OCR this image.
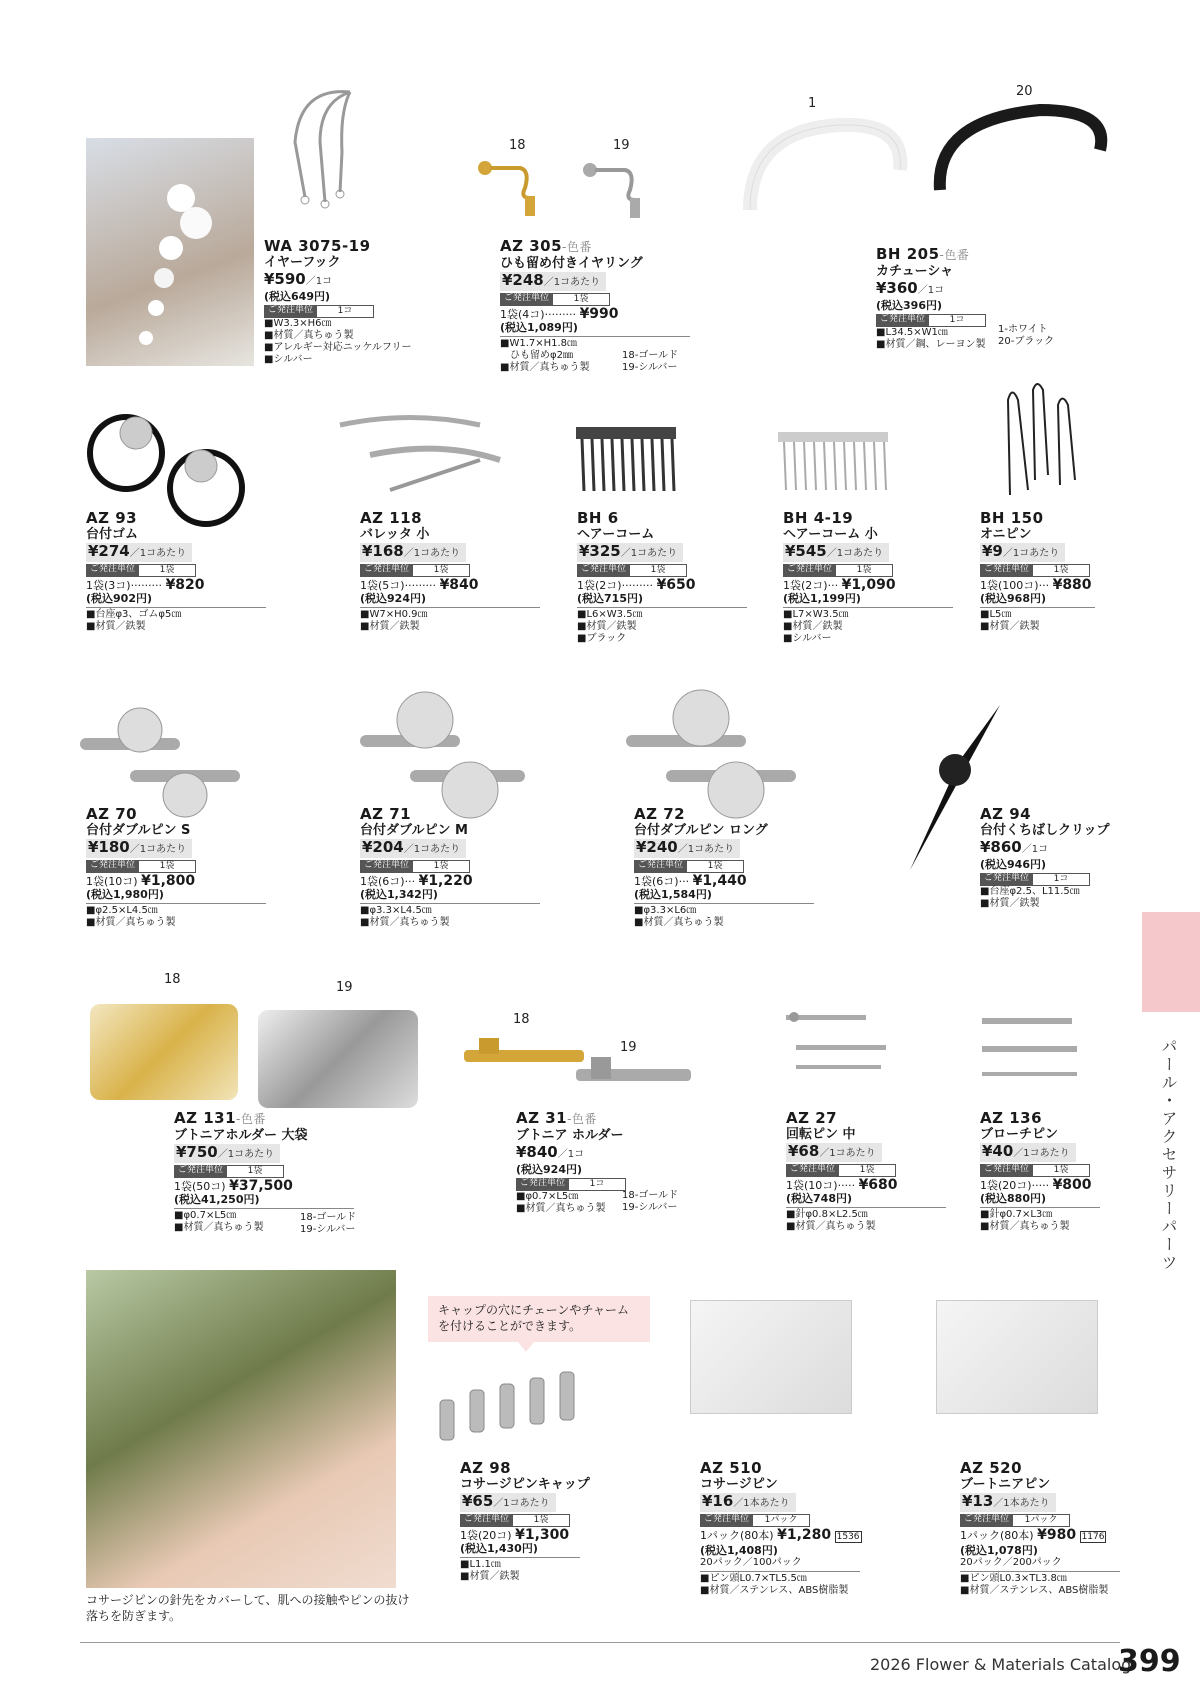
18	19
1
20
18
19
18
19
キャップの穴にチェーンやチャームを付けることができます。
コサージピンの針先をカバーして、肌への接触やピンの抜け落ちを防ぎます。
WA 3075-19
イヤーフック
¥590／1コ
(税込649円)
ご発注単位	1コ
■W3.3×H6㎝
■材質／真ちゅう製
■アレルギー対応ニッケルフリー
■シルバー
AZ 305-色番
ひも留め付きイヤリング
¥248／1コあたり
ご発注単位	1袋
1袋(4コ)········· ¥990
(税込1,089円)
■W1.7×H1.8㎝
　ひも留めφ2㎜
■材質／真ちゅう製
18-ゴールド
19-シルバー
BH 205-色番
カチューシャ
¥360／1コ
(税込396円)
ご発注単位	1コ
■L34.5×W1㎝
■材質／鋼、レーヨン製
1-ホワイト
20-ブラック
AZ 93
台付ゴム
¥274／1コあたり
ご発注単位	1袋
1袋(3コ)········· ¥820
(税込902円)
■台座φ3、ゴムφ5㎝
■材質／鉄製
AZ 118
バレッタ 小
¥168／1コあたり
ご発注単位	1袋
1袋(5コ)········· ¥840
(税込924円)
■W7×H0.9㎝
■材質／鉄製
BH 6
ヘアーコーム
¥325／1コあたり
ご発注単位	1袋
1袋(2コ)········· ¥650
(税込715円)
■L6×W3.5㎝
■材質／鉄製
■ブラック
BH 4-19
ヘアーコーム 小
¥545／1コあたり
ご発注単位	1袋
1袋(2コ)··· ¥1,090
(税込1,199円)
■L7×W3.5㎝
■材質／鉄製
■シルバー
BH 150
オニピン
¥9／1コあたり
ご発注単位	1袋
1袋(100コ)··· ¥880
(税込968円)
■L5㎝
■材質／鉄製
AZ 70
台付ダブルピン S
¥180／1コあたり
ご発注単位	1袋
1袋(10コ) ¥1,800
(税込1,980円)
■φ2.5×L4.5㎝
■材質／真ちゅう製
AZ 71
台付ダブルピン M
¥204／1コあたり
ご発注単位	1袋
1袋(6コ)··· ¥1,220
(税込1,342円)
■φ3.3×L4.5㎝
■材質／真ちゅう製
AZ 72
台付ダブルピン ロング
¥240／1コあたり
ご発注単位	1袋
1袋(6コ)··· ¥1,440
(税込1,584円)
■φ3.3×L6㎝
■材質／真ちゅう製
AZ 94
台付くちばしクリップ
¥860／1コ
(税込946円)
ご発注単位	1コ
■台座φ2.5、L11.5㎝
■材質／鉄製
AZ 131-色番
ブトニアホルダー 大袋
¥750／1コあたり
ご発注単位	1袋
1袋(50コ) ¥37,500
(税込41,250円)
■φ0.7×L5㎝
■材質／真ちゅう製
18-ゴールド
19-シルバー
AZ 31-色番
ブトニア ホルダー
¥840／1コ
(税込924円)
ご発注単位	1コ
■φ0.7×L5㎝
■材質／真ちゅう製
18-ゴールド
19-シルバー
AZ 27
回転ピン 中
¥68／1コあたり
ご発注単位	1袋
1袋(10コ)····· ¥680
(税込748円)
■針φ0.8×L2.5㎝
■材質／真ちゅう製
AZ 136
ブローチピン
¥40／1コあたり
ご発注単位	1袋
1袋(20コ)····· ¥800
(税込880円)
■針φ0.7×L3㎝
■材質／真ちゅう製
AZ 98
コサージピンキャップ
¥65／1コあたり
ご発注単位	1袋
1袋(20コ) ¥1,300
(税込1,430円)
■L1.1㎝
■材質／鉄製
AZ 510
コサージピン
¥16／1本あたり
ご発注単位	1パック
1パック(80本) ¥1,280 1536
(税込1,408円)
20パック／100パック
■ピン頭L0.7×TL5.5㎝
■材質／ステンレス、ABS樹脂製
AZ 520
ブートニアピン
¥13／1本あたり
ご発注単位	1パック
1パック(80本) ¥980 1176
(税込1,078円)
20パック／200パック
■ピン頭L0.3×TL3.8㎝
■材質／ステンレス、ABS樹脂製
パール・アクセサリーパーツ
2026 Flower & Materials Catalog
399
